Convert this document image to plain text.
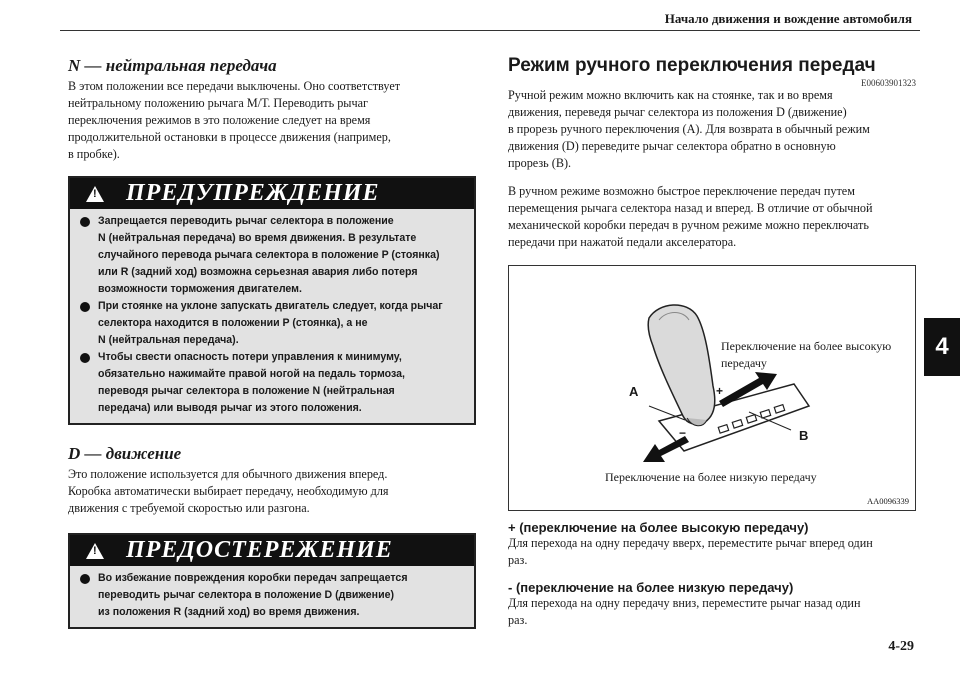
Начало движения и вождение автомобиля
4
N — нейтральная передача

В этом положении все передачи выключены. Оно соответствует
нейтральному положению рычага М/Т. Переводить рычаг
переключения режимов в это положение следует на время
продолжительной остановки в процессе движения (например,
в пробке).

! ПРЕДУПРЕЖДЕНИЕ
Запрещается переводить рычаг селектора в положение
N (нейтральная передача) во время движения. В результате
случайного перевода рычага селектора в положение P (стоянка)
или R (задний ход) возможна серьезная авария либо потеря
возможности торможения двигателем.
При стоянке на уклоне запускать двигатель следует, когда рычаг
селектора находится в положении P (стоянка), а не
N (нейтральная передача).
Чтобы свести опасность потери управления к минимуму,
обязательно нажимайте правой ногой на педаль тормоза,
переводя рычаг селектора в положение N (нейтральная
передача) или выводя рычаг из этого положения.
D — движение

Это положение используется для обычного движения вперед.
Коробка автоматически выбирает передачу, необходимую для
движения с требуемой скоростью или разгона.

! ПРЕДОСТЕРЕЖЕНИЕ
Во избежание повреждения коробки передач запрещается
переводить рычаг селектора в положение D (движение)
из положения R (задний ход) во время движения.
Режим ручного переключения передач
E00603901323

Ручной режим можно включить как на стоянке, так и во время
движения, переведя рычаг селектора из положения D (движение)
в прорезь ручного переключения (A). Для возврата в обычный режим
движения (D) переведите рычаг селектора обратно в основную
прорезь (B).

В ручном режиме возможно быстрое переключение передач путем
перемещения рычага селектора назад и вперед. В отличие от обычной
механической коробки передач в ручном режиме можно переключать
передачи при нажатой педали акселератора.

A
B
+
−
Переключение на более высокую
передачу
Переключение на более низкую передачу
AA0096339
+ (переключение на более высокую передачу)

Для перехода на одну передачу вверх, переместите рычаг вперед один
раз.

- (переключение на более низкую передачу)

Для перехода на одну передачу вниз, переместите рычаг назад один
раз.

4-29
